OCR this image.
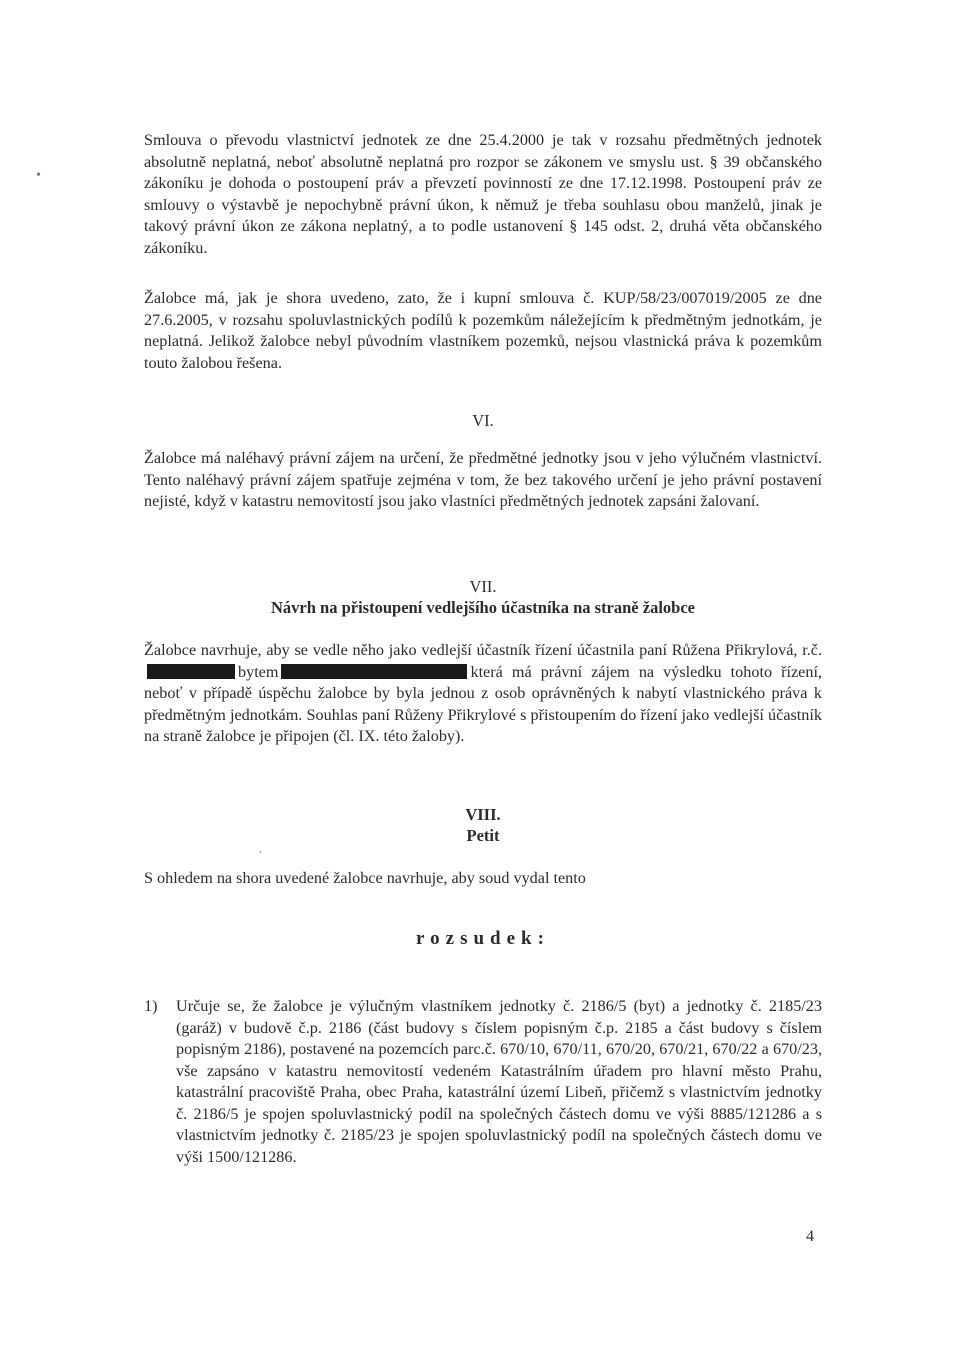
•

Smlouva o převodu vlastnictví jednotek ze dne 25.4.2000 je tak v rozsahu předmětných jednotek absolutně neplatná, neboť absolutně neplatná pro rozpor se zákonem ve smyslu ust. § 39 občanského zákoníku je dohoda o postoupení práv a převzetí povinností ze dne 17.12.1998. Postoupení práv ze smlouvy o výstavbě je nepochybně právní úkon, k němuž je třeba souhlasu obou manželů, jinak je takový právní úkon ze zákona neplatný, a to podle ustanovení § 145 odst. 2, druhá věta občanského zákoníku.

Žalobce má, jak je shora uvedeno, zato, že i kupní smlouva č. KUP/58/23/007019/2005 ze dne 27.6.2005, v rozsahu spoluvlastnických podílů k pozemkům náležejícím k předmětným jednotkám, je neplatná. Jelikož žalobce nebyl původním vlastníkem pozemků, nejsou vlastnická práva k pozemkům touto žalobou řešena.

VI.

Žalobce má naléhavý právní zájem na určení, že předmětné jednotky jsou v jeho výlučném vlastnictví. Tento naléhavý právní zájem spatřuje zejména v tom, že bez takového určení je jeho právní postavení nejisté, když v katastru nemovitostí jsou jako vlastníci předmětných jednotek zapsáni žalovaní.

VII.

Návrh na přistoupení vedlejšího účastníka na straně žalobce

Žalobce navrhuje, aby se vedle něho jako vedlejší účastník řízení účastnila paní Růžena Přikrylová, r.č.bytem	která má právní zájem na výsledku tohoto řízení, neboť v případě úspěchu žalobce by byla jednou z osob oprávněných k nabytí vlastnického práva k předmětným jednotkám. Souhlas paní Růženy Přikrylové s přistoupením do řízení jako vedlejší účastník na straně žalobce je připojen (čl. IX. této žaloby).

VIII.

Petit

·

S ohledem na shora uvedené žalobce navrhuje, aby soud vydal tento

rozsudek:

1) Určuje se, že žalobce je výlučným vlastníkem jednotky č. 2186/5 (byt) a jednotky č. 2185/23 (garáž) v budově č.p. 2186 (část budovy s číslem popisným č.p. 2185 a část budovy s číslem popisným 2186), postavené na pozemcích parc.č. 670/10, 670/11, 670/20, 670/21, 670/22 a 670/23, vše zapsáno v katastru nemovitostí vedeném Katastrálním úřadem pro hlavní město Prahu, katastrální pracoviště Praha, obec Praha, katastrální území Libeň, přičemž s vlastnictvím jednotky č. 2186/5 je spojen spoluvlastnický podíl na společných částech domu ve výši 8885/121286 a s vlastnictvím jednotky č. 2185/23 je spojen spoluvlastnický podíl na společných částech domu ve výši 1500/121286.

4
